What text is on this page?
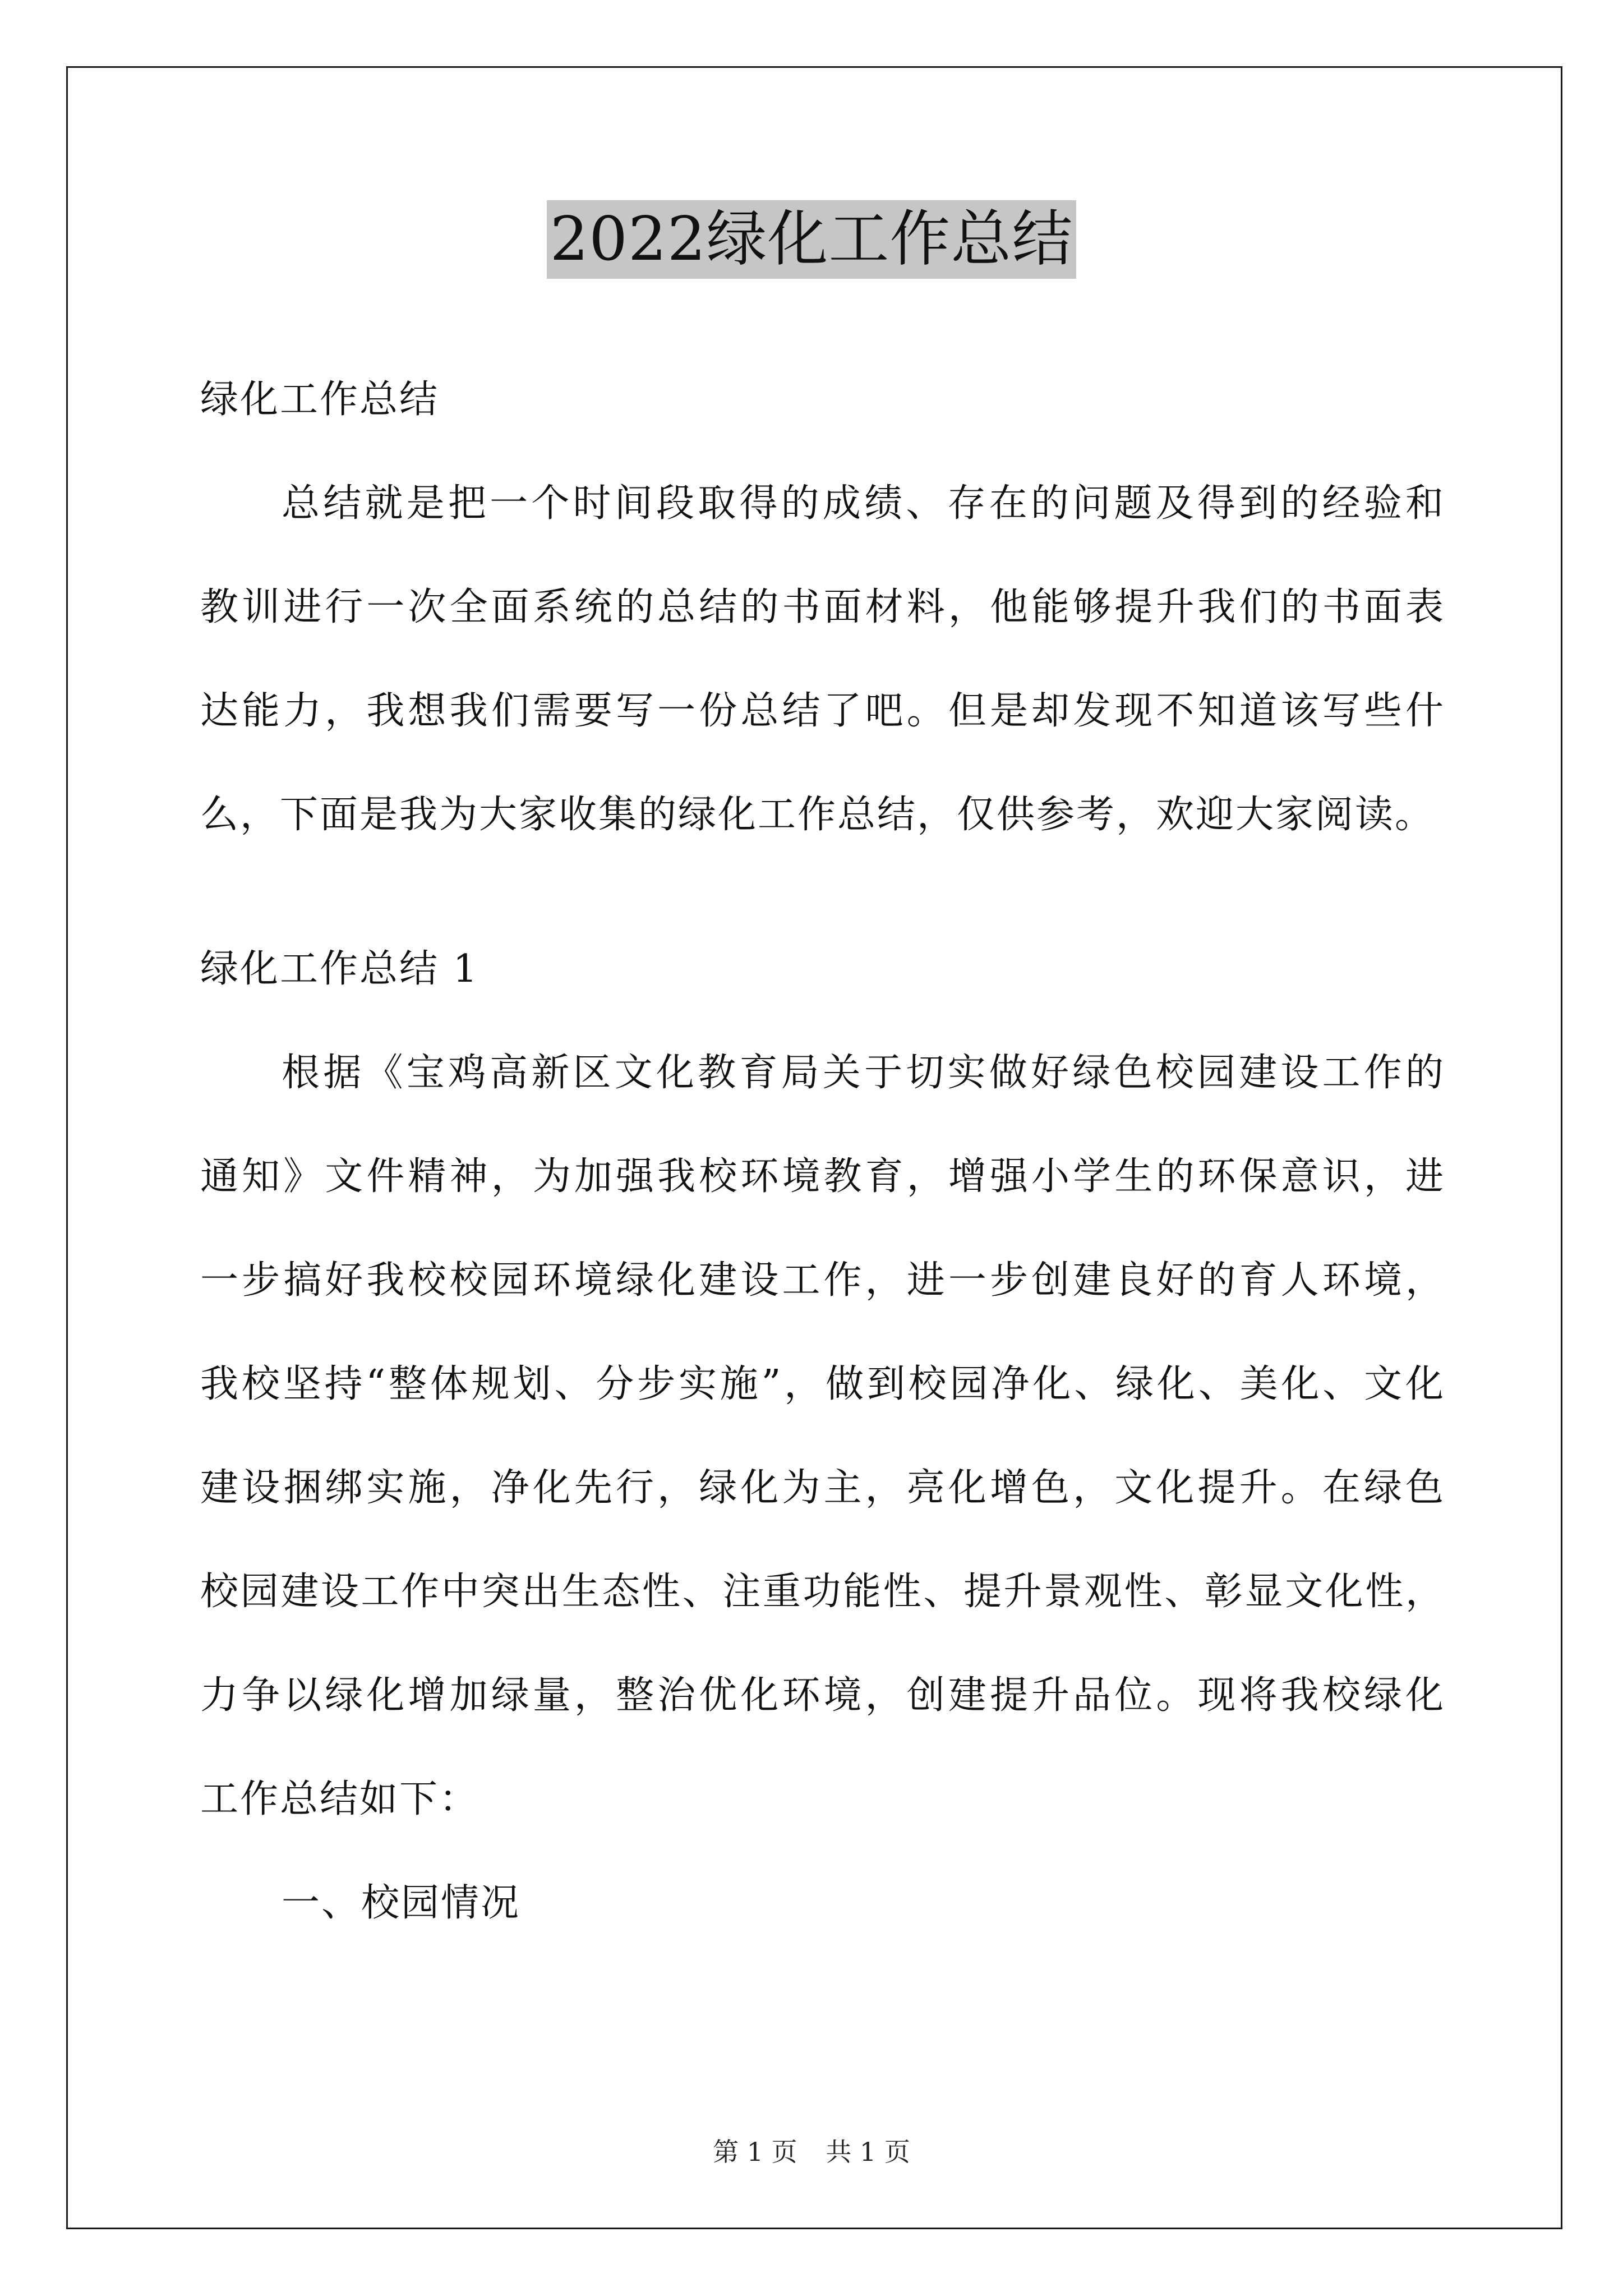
2022绿化工作总结
绿化工作总结
总结就是把一个时间段取得的成绩、存在的问题及得到的经验和
教训进行一次全面系统的总结的书面材料，他能够提升我们的书面表
达能力，我想我们需要写一份总结了吧。但是却发现不知道该写些什
么，下面是我为大家收集的绿化工作总结，仅供参考，欢迎大家阅读。
绿化工作总结 1
根据《宝鸡高新区文化教育局关于切实做好绿色校园建设工作的
通知》文件精神，为加强我校环境教育，增强小学生的环保意识，进
一步搞好我校校园环境绿化建设工作，进一步创建良好的育人环境，
我校坚持“整体规划、分步实施”，做到校园净化、绿化、美化、文化
建设捆绑实施，净化先行，绿化为主，亮化增色，文化提升。在绿色
校园建设工作中突出生态性、注重功能性、提升景观性、彰显文化性，
力争以绿化增加绿量，整治优化环境，创建提升品位。现将我校绿化
工作总结如下：
一、校园情况
第 1 页 共 1 页
